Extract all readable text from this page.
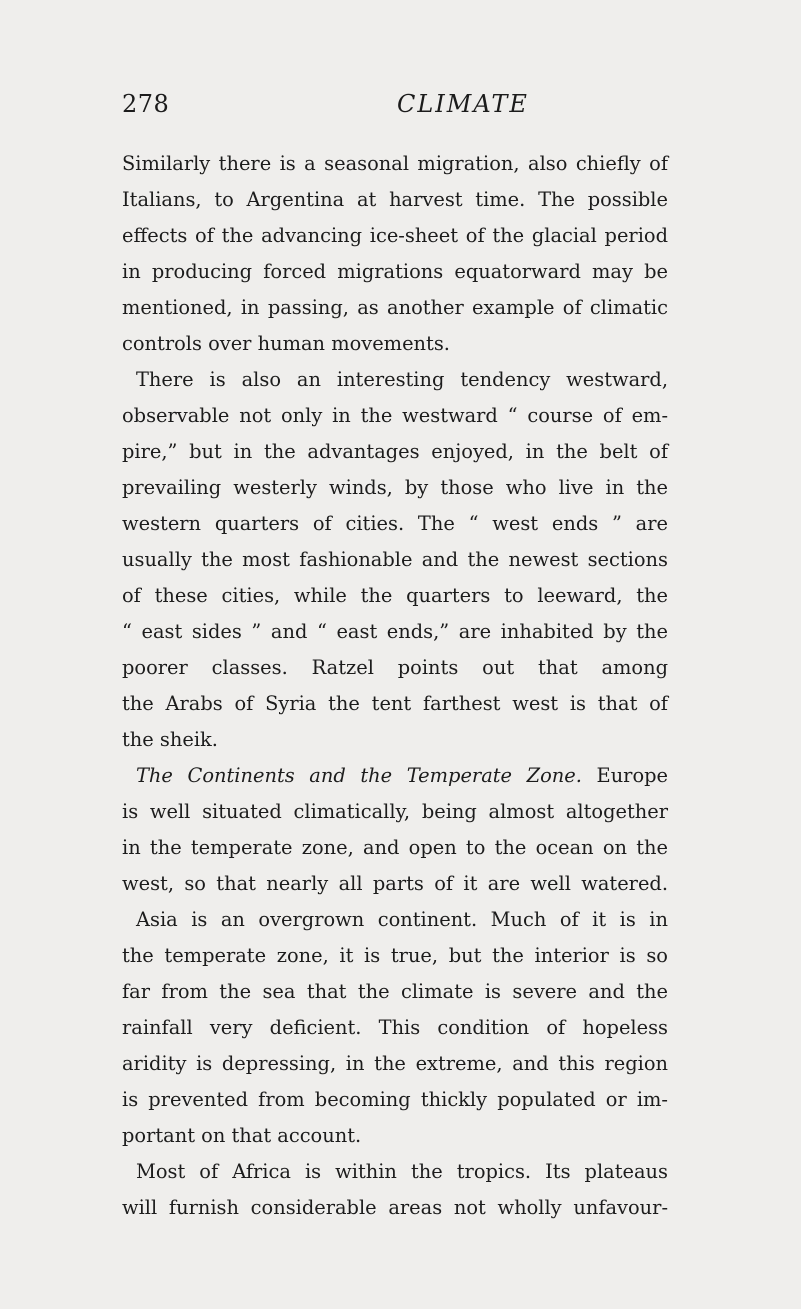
278	CLIMATE
Similarly there is a seasonal migration, also chiefly of
Italians, to Argentina at harvest time. The possible
effects of the advancing ice-sheet of the glacial period
in producing forced migrations equatorward may be
mentioned, in passing, as another example of climatic
controls over human movements.
There is also an interesting tendency westward,
observable not only in the westward “ course of em-
pire,” but in the advantages enjoyed, in the belt of
prevailing westerly winds, by those who live in the
western quarters of cities. The “ west ends ” are
usually the most fashionable and the newest sections
of these cities, while the quarters to leeward, the
“ east sides ” and “ east ends,” are inhabited by the
poorer classes. Ratzel points out that among
the Arabs of Syria the tent farthest west is that of
the sheik.
The Continents and the Temperate Zone. Europe
is well situated climatically, being almost altogether
in the temperate zone, and open to the ocean on the
west, so that nearly all parts of it are well watered.
Asia is an overgrown continent. Much of it is in
the temperate zone, it is true, but the interior is so
far from the sea that the climate is severe and the
rainfall very deficient. This condition of hopeless
aridity is depressing, in the extreme, and this region
is prevented from becoming thickly populated or im-
portant on that account.
Most of Africa is within the tropics. Its plateaus
will furnish considerable areas not wholly unfavour-
